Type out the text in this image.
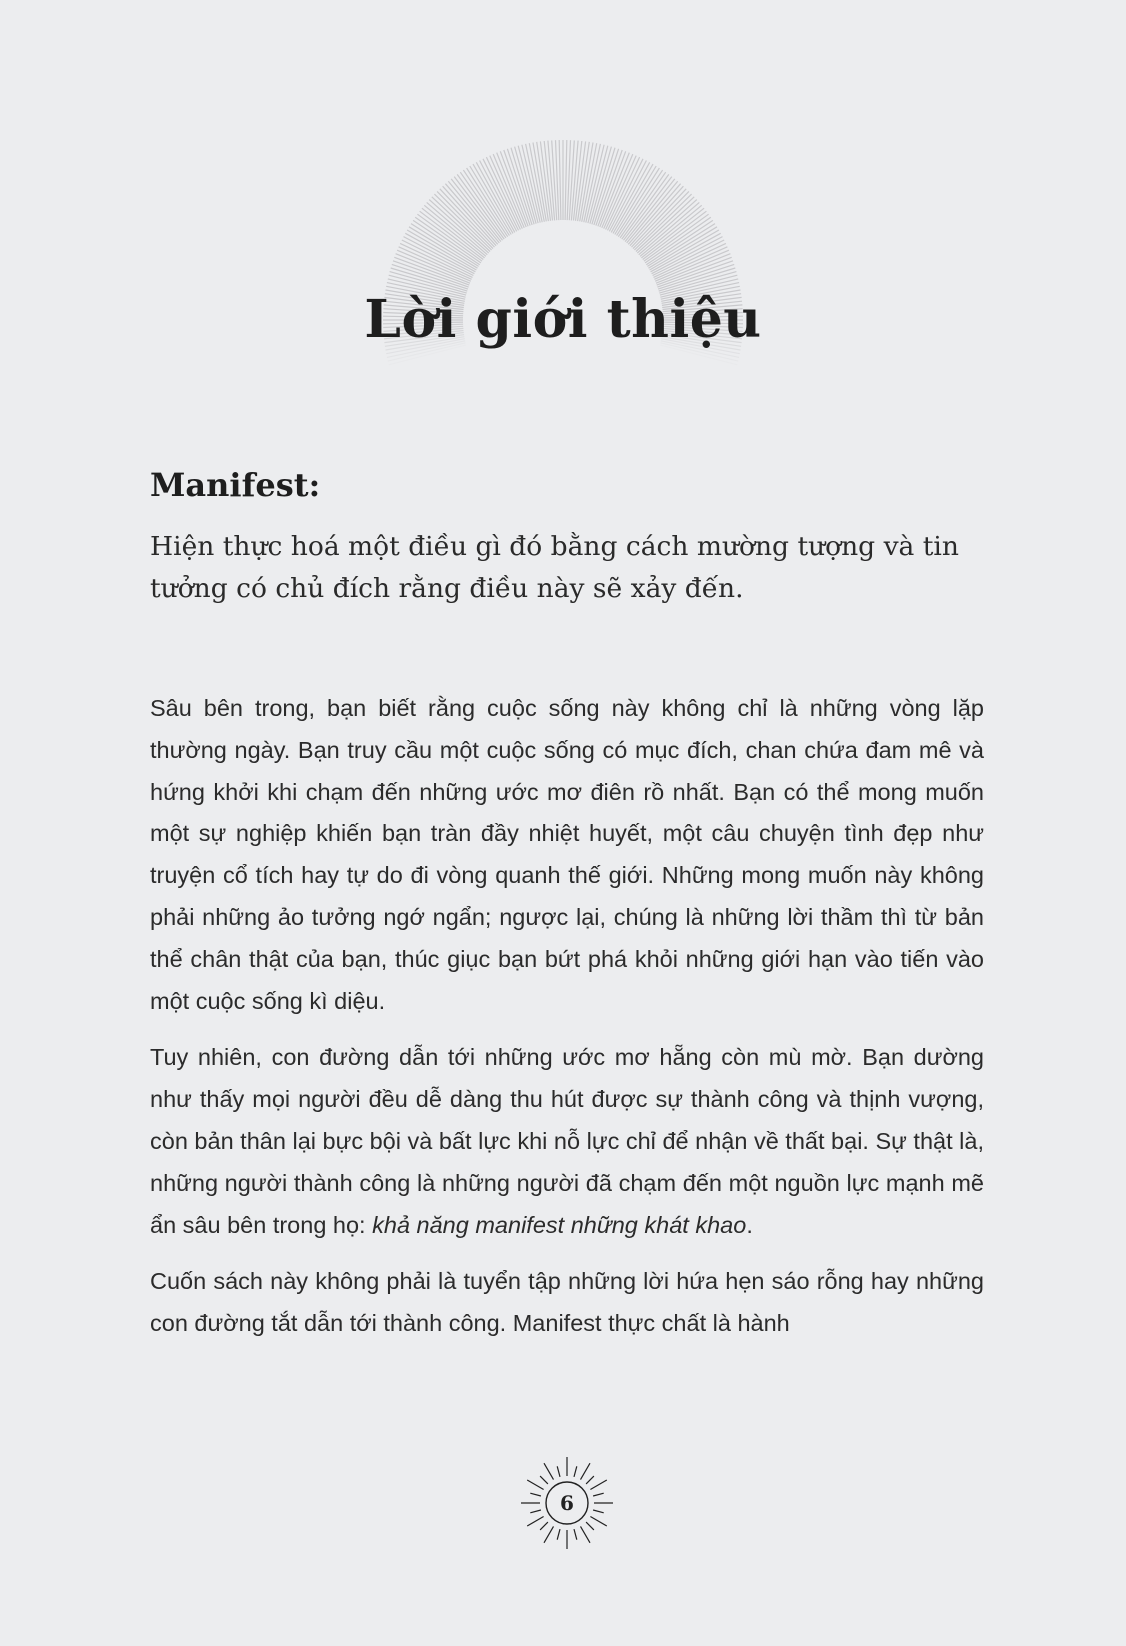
Lời giới thiệu
Manifest:

Hiện thực hoá một điều gì đó bằng cách mường tượng và tin tưởng có chủ đích rằng điều này sẽ xảy đến.

Sâu bên trong, bạn biết rằng cuộc sống này không chỉ là những vòng lặp thường ngày. Bạn truy cầu một cuộc sống có mục đích, chan chứa đam mê và hứng khởi khi chạm đến những ước mơ điên rồ nhất. Bạn có thể mong muốn một sự nghiệp khiến bạn tràn đầy nhiệt huyết, một câu chuyện tình đẹp như truyện cổ tích hay tự do đi vòng quanh thế giới. Những mong muốn này không phải những ảo tưởng ngớ ngẩn; ngược lại, chúng là những lời thầm thì từ bản thể chân thật của bạn, thúc giục bạn bứt phá khỏi những giới hạn vào tiến vào một cuộc sống kì diệu.

Tuy nhiên, con đường dẫn tới những ước mơ hẵng còn mù mờ. Bạn dường như thấy mọi người đều dễ dàng thu hút được sự thành công và thịnh vượng, còn bản thân lại bực bội và bất lực khi nỗ lực chỉ để nhận về thất bại. Sự thật là, những người thành công là những người đã chạm đến một nguồn lực mạnh mẽ ẩn sâu bên trong họ: khả năng manifest những khát khao.

Cuốn sách này không phải là tuyển tập những lời hứa hẹn sáo rỗng hay những con đường tắt dẫn tới thành công. Manifest thực chất là hành

6
